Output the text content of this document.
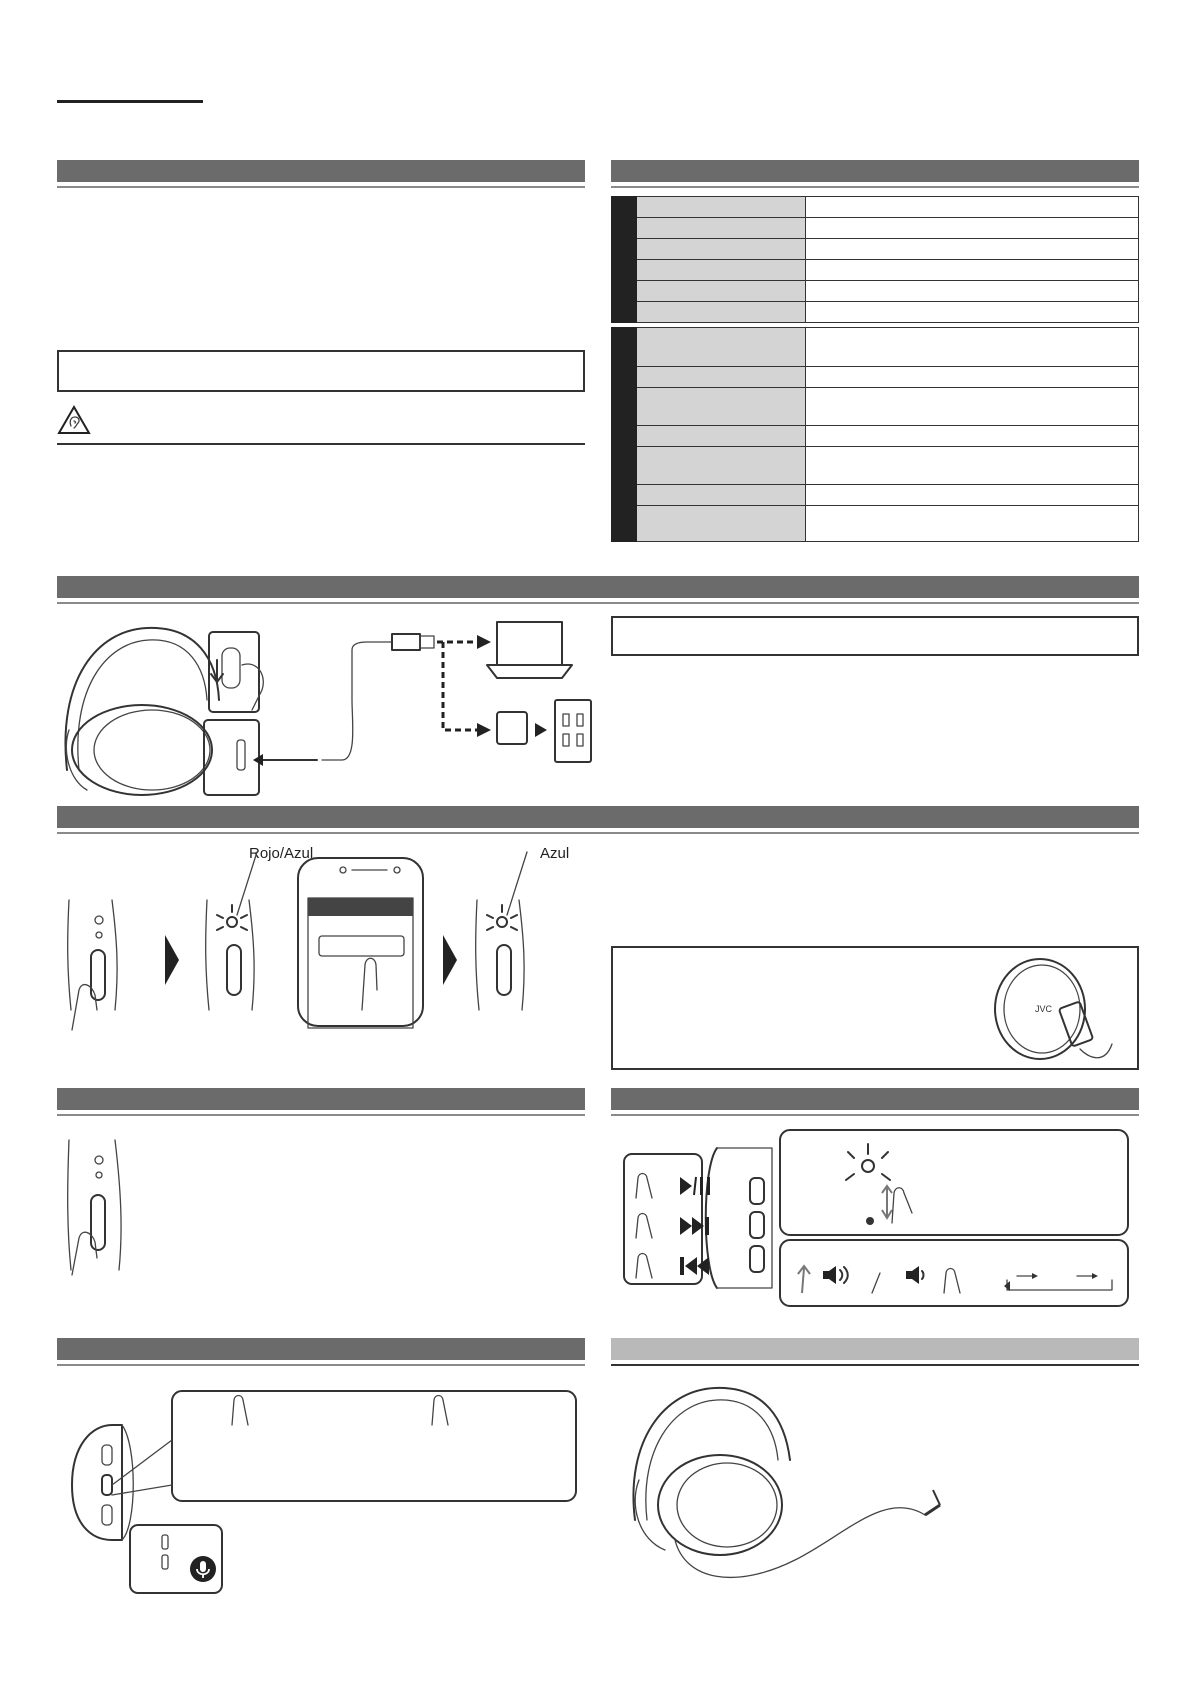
Rojo/Azul	Azul
JVC
